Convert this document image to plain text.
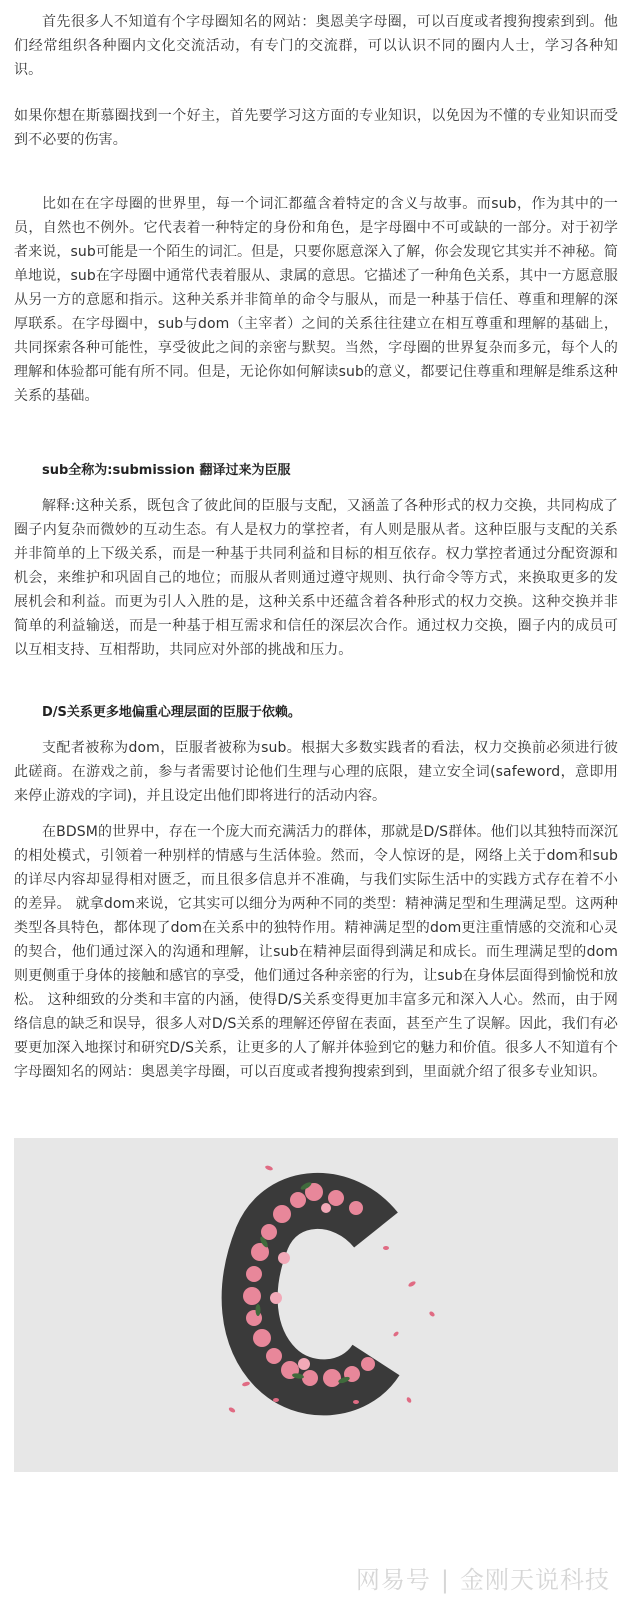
首先很多人不知道有个字母圈知名的网站：奥恩美字母圈，可以百度或者搜狗搜索到到。他们经常组织各种圈内文化交流活动，有专门的交流群，可以认识不同的圈内人士，学习各种知识。

如果你想在斯慕圈找到一个好主，首先要学习这方面的专业知识，以免因为不懂的专业知识而受到不必要的伤害。

比如在在字母圈的世界里，每一个词汇都蕴含着特定的含义与故事。而sub，作为其中的一员，自然也不例外。它代表着一种特定的身份和角色，是字母圈中不可或缺的一部分。对于初学者来说，sub可能是一个陌生的词汇。但是，只要你愿意深入了解，你会发现它其实并不神秘。简单地说，sub在字母圈中通常代表着服从、隶属的意思。它描述了一种角色关系，其中一方愿意服从另一方的意愿和指示。这种关系并非简单的命令与服从，而是一种基于信任、尊重和理解的深厚联系。在字母圈中，sub与dom（主宰者）之间的关系往往建立在相互尊重和理解的基础上，共同探索各种可能性，享受彼此之间的亲密与默契。当然，字母圈的世界复杂而多元，每个人的理解和体验都可能有所不同。但是，无论你如何解读sub的意义，都要记住尊重和理解是维系这种关系的基础。

sub全称为:submission 翻译过来为臣服

解释:这种关系，既包含了彼此间的臣服与支配，又涵盖了各种形式的权力交换，共同构成了圈子内复杂而微妙的互动生态。有人是权力的掌控者，有人则是服从者。这种臣服与支配的关系并非简单的上下级关系，而是一种基于共同利益和目标的相互依存。权力掌控者通过分配资源和机会，来维护和巩固自己的地位；而服从者则通过遵守规则、执行命令等方式，来换取更多的发展机会和利益。而更为引人入胜的是，这种关系中还蕴含着各种形式的权力交换。这种交换并非简单的利益输送，而是一种基于相互需求和信任的深层次合作。通过权力交换，圈子内的成员可以互相支持、互相帮助，共同应对外部的挑战和压力。

D/S关系更多地偏重心理层面的臣服于依赖。

支配者被称为dom，臣服者被称为sub。根据大多数实践者的看法，权力交换前必须进行彼此磋商。在游戏之前，参与者需要讨论他们生理与心理的底限，建立安全词(safeword，意即用来停止游戏的字词)，并且设定出他们即将进行的活动内容。

在BDSM的世界中，存在一个庞大而充满活力的群体，那就是D/S群体。他们以其独特而深沉的相处模式，引领着一种别样的情感与生活体验。然而，令人惊讶的是，网络上关于dom和sub的详尽内容却显得相对匮乏，而且很多信息并不准确，与我们实际生活中的实践方式存在着不小的差异。 就拿dom来说，它其实可以细分为两种不同的类型：精神满足型和生理满足型。这两种类型各具特色，都体现了dom在关系中的独特作用。精神满足型的dom更注重情感的交流和心灵的契合，他们通过深入的沟通和理解，让sub在精神层面得到满足和成长。而生理满足型的dom则更侧重于身体的接触和感官的享受，他们通过各种亲密的行为，让sub在身体层面得到愉悦和放松。 这种细致的分类和丰富的内涵，使得D/S关系变得更加丰富多元和深入人心。然而，由于网络信息的缺乏和误导，很多人对D/S关系的理解还停留在表面，甚至产生了误解。因此，我们有必要更加深入地探讨和研究D/S关系，让更多的人了解并体验到它的魅力和价值。很多人不知道有个字母圈知名的网站：奥恩美字母圈，可以百度或者搜狗搜索到到，里面就介绍了很多专业知识。

网易号 | 金刚天说科技
